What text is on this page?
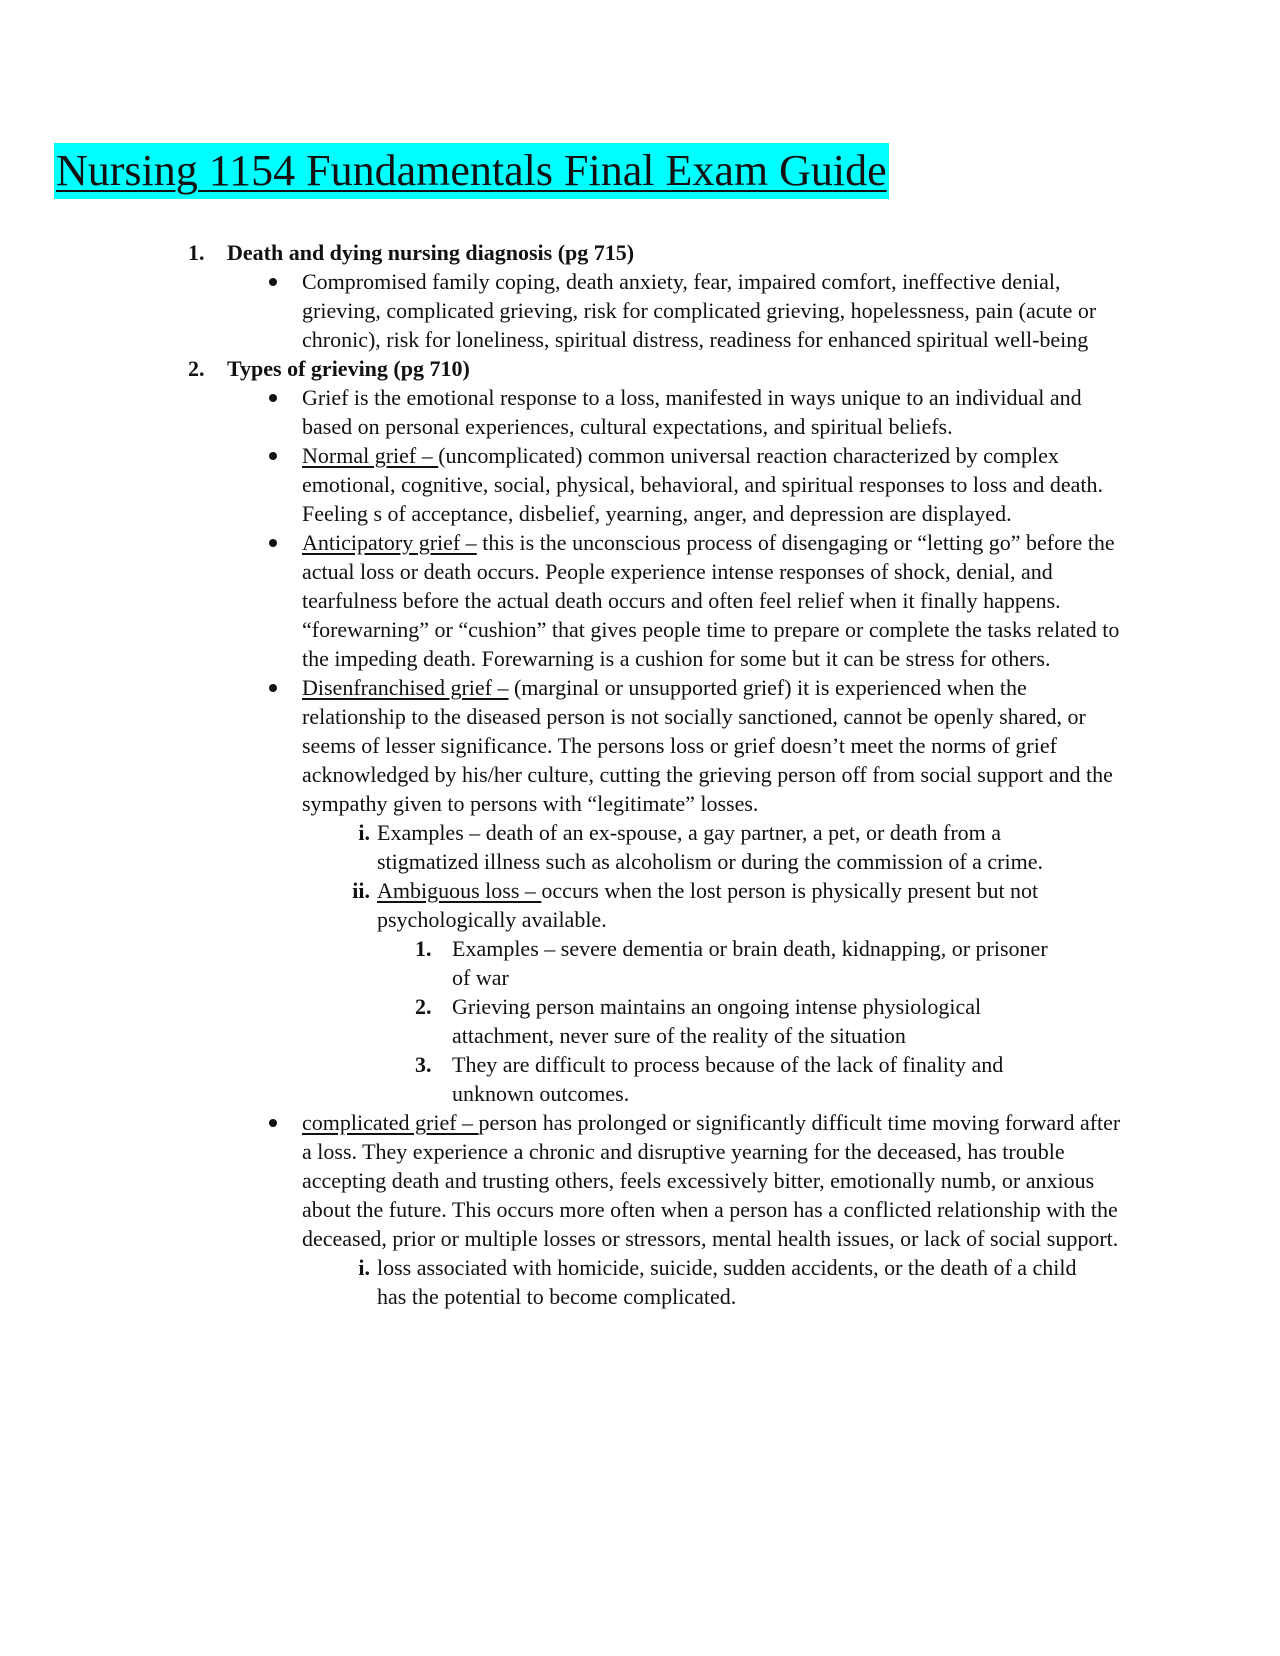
Nursing 1154 Fundamentals Final Exam Guide
1. Death and dying nursing diagnosis (pg 715)
Compromised family coping, death anxiety, fear, impaired comfort, ineffective denial, grieving, complicated grieving, risk for complicated grieving, hopelessness, pain (acute or chronic), risk for loneliness, spiritual distress, readiness for enhanced spiritual well-being
2. Types of grieving (pg 710)
Grief is the emotional response to a loss, manifested in ways unique to an individual and based on personal experiences, cultural expectations, and spiritual beliefs.
Normal grief – (uncomplicated) common universal reaction characterized by complex emotional, cognitive, social, physical, behavioral, and spiritual responses to loss and death. Feeling s of acceptance, disbelief, yearning, anger, and depression are displayed.
Anticipatory grief – this is the unconscious process of disengaging or “letting go” before the actual loss or death occurs. People experience intense responses of shock, denial, and tearfulness before the actual death occurs and often feel relief when it finally happens. “forewarning” or “cushion” that gives people time to prepare or complete the tasks related to the impeding death. Forewarning is a cushion for some but it can be stress for others.
Disenfranchised grief – (marginal or unsupported grief) it is experienced when the relationship to the diseased person is not socially sanctioned, cannot be openly shared, or seems of lesser significance. The persons loss or grief doesn’t meet the norms of grief acknowledged by his/her culture, cutting the grieving person off from social support and the sympathy given to persons with “legitimate” losses.
i. Examples – death of an ex-spouse, a gay partner, a pet, or death from a stigmatized illness such as alcoholism or during the commission of a crime.
ii. Ambiguous loss – occurs when the lost person is physically present but not psychologically available.
1. Examples – severe dementia or brain death, kidnapping, or prisoner of war
2. Grieving person maintains an ongoing intense physiological attachment, never sure of the reality of the situation
3. They are difficult to process because of the lack of finality and unknown outcomes.
complicated grief – person has prolonged or significantly difficult time moving forward after a loss. They experience a chronic and disruptive yearning for the deceased, has trouble accepting death and trusting others, feels excessively bitter, emotionally numb, or anxious about the future. This occurs more often when a person has a conflicted relationship with the deceased, prior or multiple losses or stressors, mental health issues, or lack of social support.
i. loss associated with homicide, suicide, sudden accidents, or the death of a child has the potential to become complicated.
